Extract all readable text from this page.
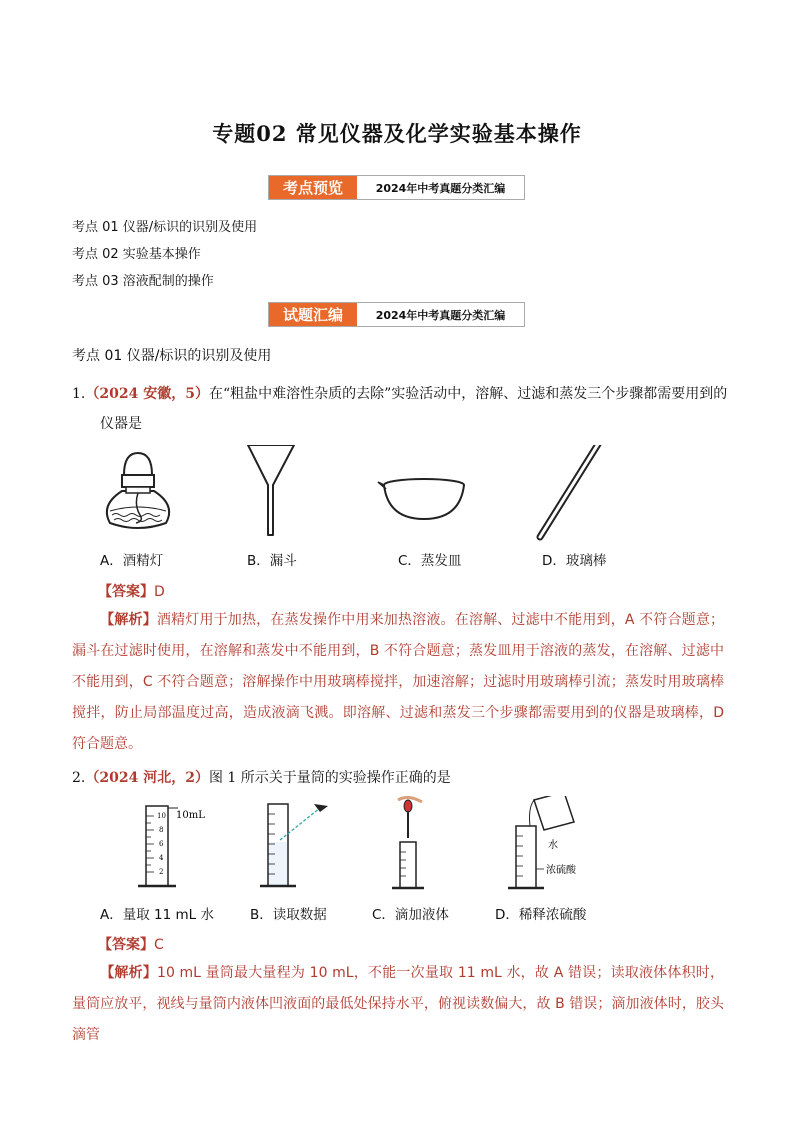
专题02 常见仪器及化学实验基本操作
考点预览	2024年中考真题分类汇编
考点 01 仪器/标识的识别及使用
考点 02 实验基本操作
考点 03 溶液配制的操作
试题汇编	2024年中考真题分类汇编
考点 01 仪器/标识的识别及使用
1.（2024 安徽，5）在“粗盐中难溶性杂质的去除”实验活动中，溶解、过滤和蒸发三个步骤都需要用到的
仪器是
A．酒精灯	B．漏斗	C．蒸发皿	D．玻璃棒
【答案】D
【解析】酒精灯用于加热，在蒸发操作中用来加热溶液。在溶解、过滤中不能用到，A 不符合题意；漏斗在过滤时使用，在溶解和蒸发中不能用到，B 不符合题意；蒸发皿用于溶液的蒸发，在溶解、过滤中不能用到，C 不符合题意；溶解操作中用玻璃棒搅拌，加速溶解；过滤时用玻璃棒引流；蒸发时用玻璃棒搅拌，防止局部温度过高，造成液滴飞溅。即溶解、过滤和蒸发三个步骤都需要用到的仪器是玻璃棒，D 符合题意。
2.（2024 河北，2）图 1 所示关于量筒的实验操作正确的是
10mL
10
8
6
4
2
水
浓硫酸
A．量取 11 mL 水	B．读取数据	C．滴加液体	D．稀释浓硫酸
【答案】C
【解析】10 mL 量筒最大量程为 10 mL，不能一次量取 11 mL 水，故 A 错误；读取液体体积时，量筒应放平，视线与量筒内液体凹液面的最低处保持水平，俯视读数偏大，故 B 错误；滴加液体时，胶头滴管
